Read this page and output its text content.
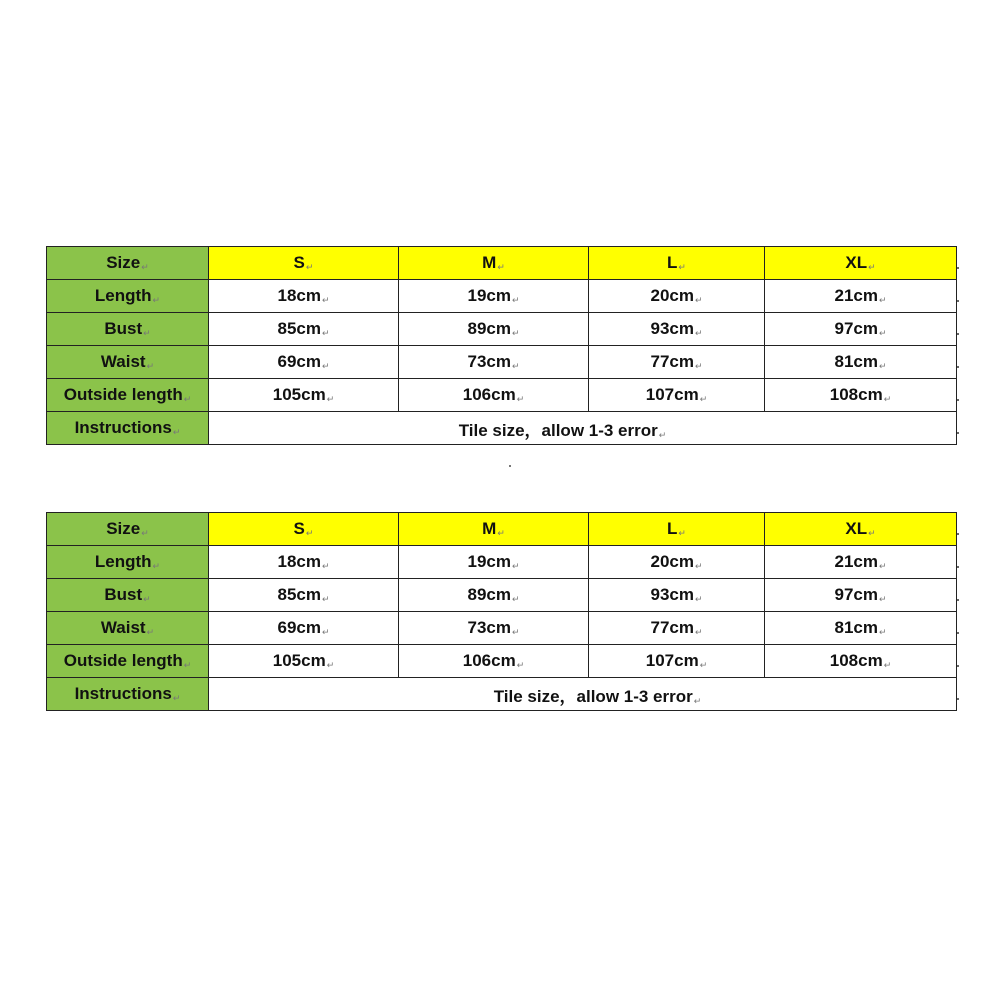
Size↵	S↵	M↵	L↵	XL↵
Length↵	18cm↵	19cm↵	20cm↵	21cm↵
Bust↵	85cm↵	89cm↵	93cm↵	97cm↵
Waist↵	69cm↵	73cm↵	77cm↵	81cm↵
Outside length↵	105cm↵	106cm↵	107cm↵	108cm↵
Instructions↵	Tile size，allow 1-3 error↵			
Size↵	S↵	M↵	L↵	XL↵
Length↵	18cm↵	19cm↵	20cm↵	21cm↵
Bust↵	85cm↵	89cm↵	93cm↵	97cm↵
Waist↵	69cm↵	73cm↵	77cm↵	81cm↵
Outside length↵	105cm↵	106cm↵	107cm↵	108cm↵
Instructions↵	Tile size，allow 1-3 error↵			
